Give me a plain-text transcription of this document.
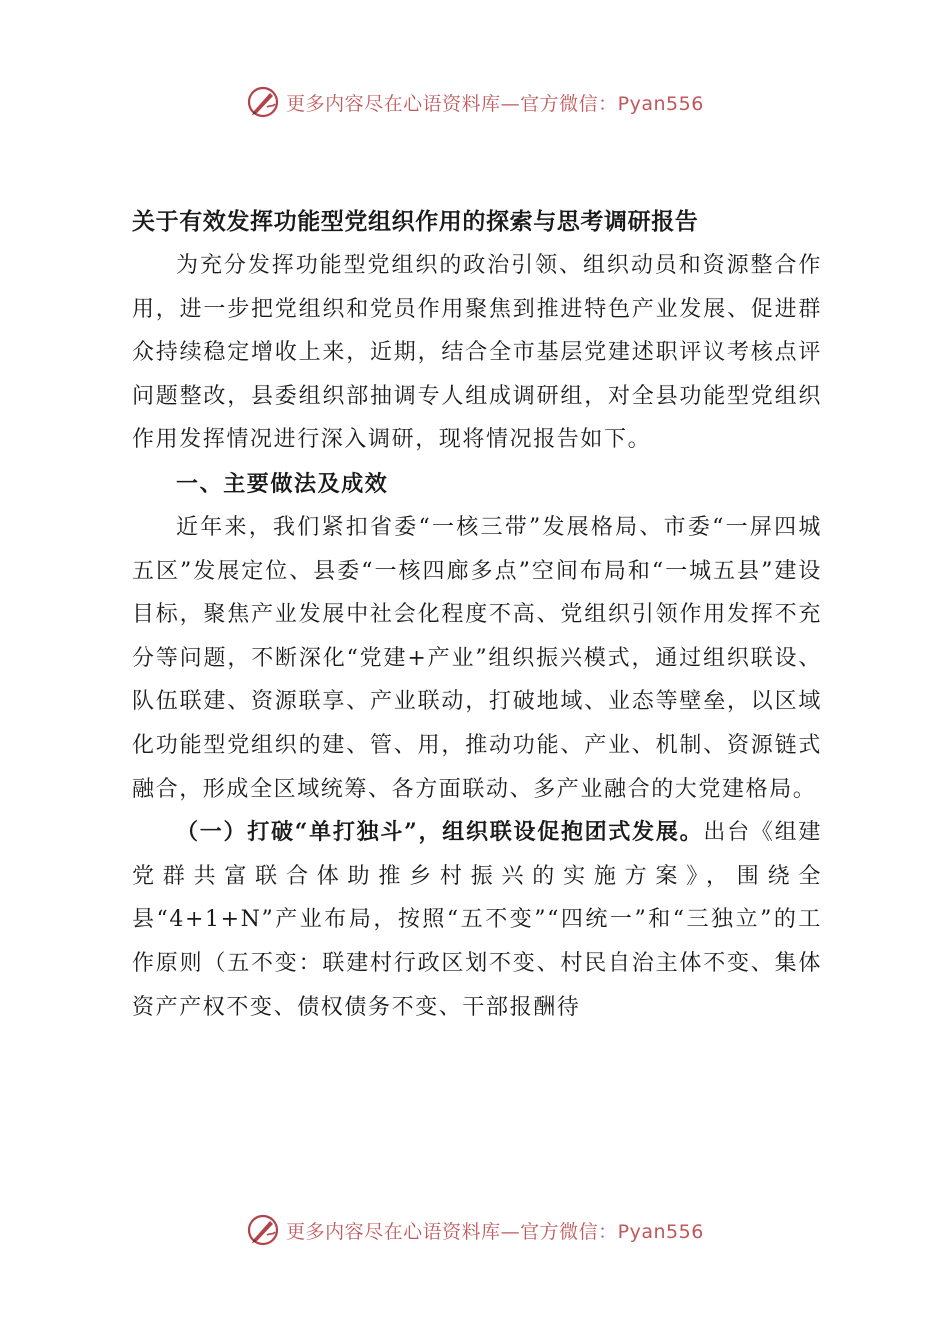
更多内容尽在心语资料库—官方微信：Pyan556

关于有效发挥功能型党组织作用的探索与思考调研报告

为充分发挥功能型党组织的政治引领、组织动员和资源整合作用，进一步把党组织和党员作用聚焦到推进特色产业发展、促进群众持续稳定增收上来，近期，结合全市基层党建述职评议考核点评问题整改，县委组织部抽调专人组成调研组，对全县功能型党组织作用发挥情况进行深入调研，现将情况报告如下。

一、主要做法及成效

近年来，我们紧扣省委“一核三带”发展格局、市委“一屏四城五区”发展定位、县委“一核四廊多点”空间布局和“一城五县”建设目标，聚焦产业发展中社会化程度不高、党组织引领作用发挥不充分等问题，不断深化“党建+产业”组织振兴模式，通过组织联设、队伍联建、资源联享、产业联动，打破地域、业态等壁垒，以区域化功能型党组织的建、管、用，推动功能、产业、机制、资源链式融合，形成全区域统筹、各方面联动、多产业融合的大党建格局。

（一）打破“单打独斗”，组织联设促抱团式发展。出台《组建党群共富联合体助推乡村振兴的实施方案》，围绕全县“4+1+N”产业布局，按照“五不变”“四统一”和“三独立”的工作原则（五不变：联建村行政区划不变、村民自治主体不变、集体资产产权不变、债权债务不变、干部报酬待

更多内容尽在心语资料库—官方微信：Pyan556
